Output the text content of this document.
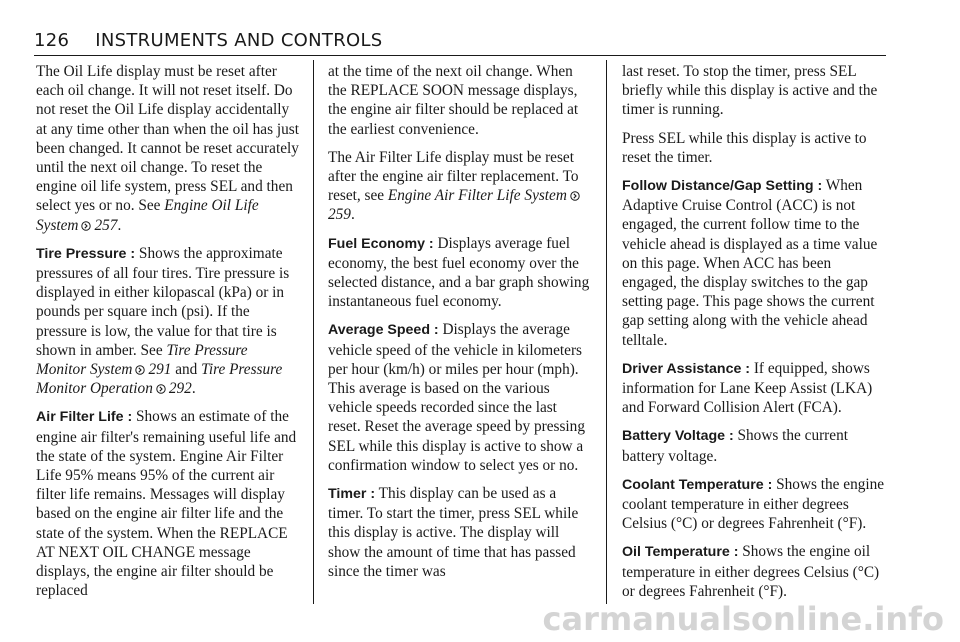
126 INSTRUMENTS AND CONTROLS

The Oil Life display must be reset after each oil change. It will not reset itself. Do not reset the Oil Life display accidentally at any time other than when the oil has just been changed. It cannot be reset accurately until the next oil change. To reset the engine oil life system, press SEL and then select yes or no. See Engine Oil Life System 257.

Tire Pressure : Shows the approximate pressures of all four tires. Tire pressure is displayed in either kilopascal (kPa) or in pounds per square inch (psi). If the pressure is low, the value for that tire is shown in amber. See Tire Pressure Monitor System 291 and Tire Pressure Monitor Operation 292.

Air Filter Life : Shows an estimate of the engine air filter's remaining useful life and the state of the system. Engine Air Filter Life 95% means 95% of the current air filter life remains. Messages will display based on the engine air filter life and the state of the system. When the REPLACE AT NEXT OIL CHANGE message displays, the engine air filter should be replaced

at the time of the next oil change. When the REPLACE SOON message displays, the engine air filter should be replaced at the earliest convenience.

The Air Filter Life display must be reset after the engine air filter replacement. To reset, see Engine Air Filter Life System
259.

Fuel Economy : Displays average fuel economy, the best fuel economy over the selected distance, and a bar graph showing instantaneous fuel economy.

Average Speed : Displays the average vehicle speed of the vehicle in kilometers per hour (km/h) or miles per hour (mph). This average is based on the various vehicle speeds recorded since the last reset. Reset the average speed by pressing SEL while this display is active to show a confirmation window to select yes or no.

Timer : This display can be used as a timer. To start the timer, press SEL while this display is active. The display will show the amount of time that has passed since the timer was

last reset. To stop the timer, press SEL briefly while this display is active and the timer is running.

Press SEL while this display is active to reset the timer.

Follow Distance/Gap Setting : When Adaptive Cruise Control (ACC) is not engaged, the current follow time to the vehicle ahead is displayed as a time value on this page. When ACC has been engaged, the display switches to the gap setting page. This page shows the current gap setting along with the vehicle ahead telltale.

Driver Assistance : If equipped, shows information for Lane Keep Assist (LKA) and Forward Collision Alert (FCA).

Battery Voltage : Shows the current battery voltage.

Coolant Temperature : Shows the engine coolant temperature in either degrees Celsius (°C) or degrees Fahrenheit (°F).

Oil Temperature : Shows the engine oil temperature in either degrees Celsius (°C) or degrees Fahrenheit (°F).

carmanualsonline.info
